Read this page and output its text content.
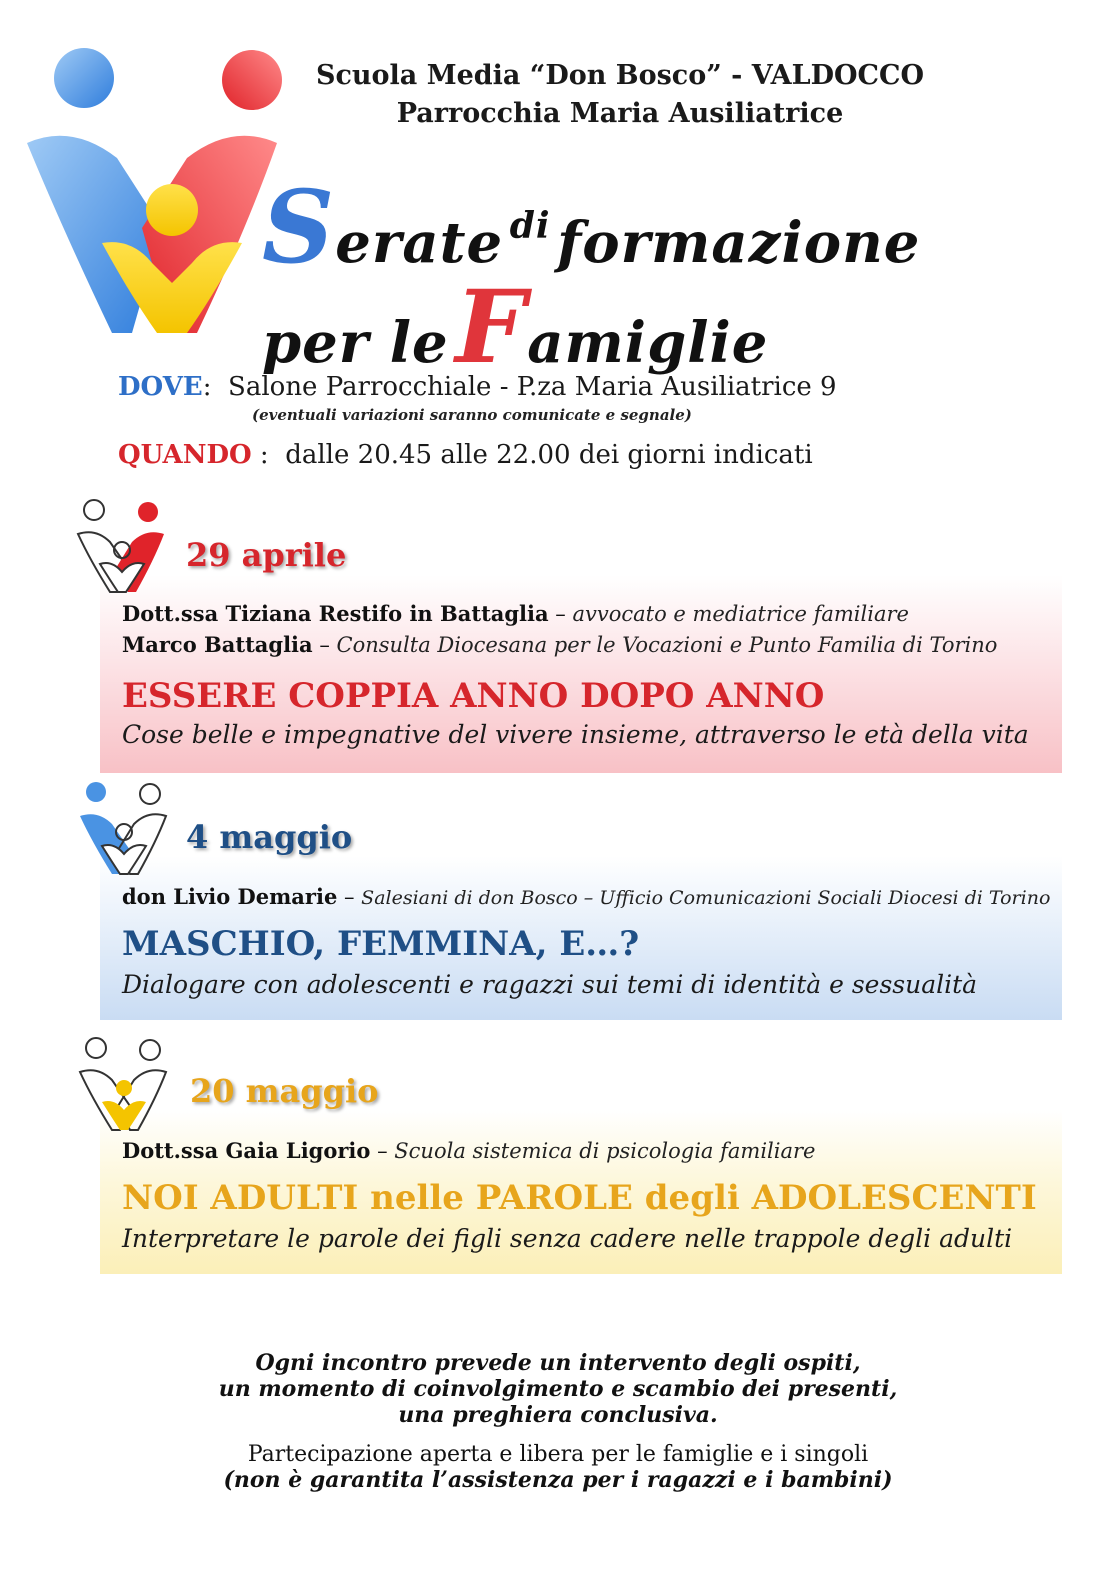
Scuola Media “Don Bosco” - VALDOCCO
Parrocchia Maria Ausiliatrice
Serate di formazione
per le Famiglie
DOVE:  Salone Parrocchiale - P.za Maria Ausiliatrice 9
(eventuali variazioni saranno comunicate e segnale)
QUANDO :  dalle 20.45 alle 22.00 dei giorni indicati
29 aprile
Dott.ssa Tiziana Restifo in Battaglia – avvocato e mediatrice familiare
Marco Battaglia – Consulta Diocesana per le Vocazioni e Punto Familia di Torino
ESSERE COPPIA ANNO DOPO ANNO
Cose belle e impegnative del vivere insieme, attraverso le età della vita
4 maggio
don Livio Demarie – Salesiani di don Bosco – Ufficio Comunicazioni Sociali Diocesi di Torino
MASCHIO, FEMMINA, E…?
Dialogare con adolescenti e ragazzi sui temi di identità e sessualità
20 maggio
Dott.ssa Gaia Ligorio – Scuola sistemica di psicologia familiare
NOI ADULTI nelle PAROLE degli ADOLESCENTI
Interpretare le parole dei figli senza cadere nelle trappole degli adulti
Ogni incontro prevede un intervento degli ospiti,
un momento di coinvolgimento e scambio dei presenti,
una preghiera conclusiva.
Partecipazione aperta e libera per le famiglie e i singoli
(non è garantita l’assistenza per i ragazzi e i bambini)
